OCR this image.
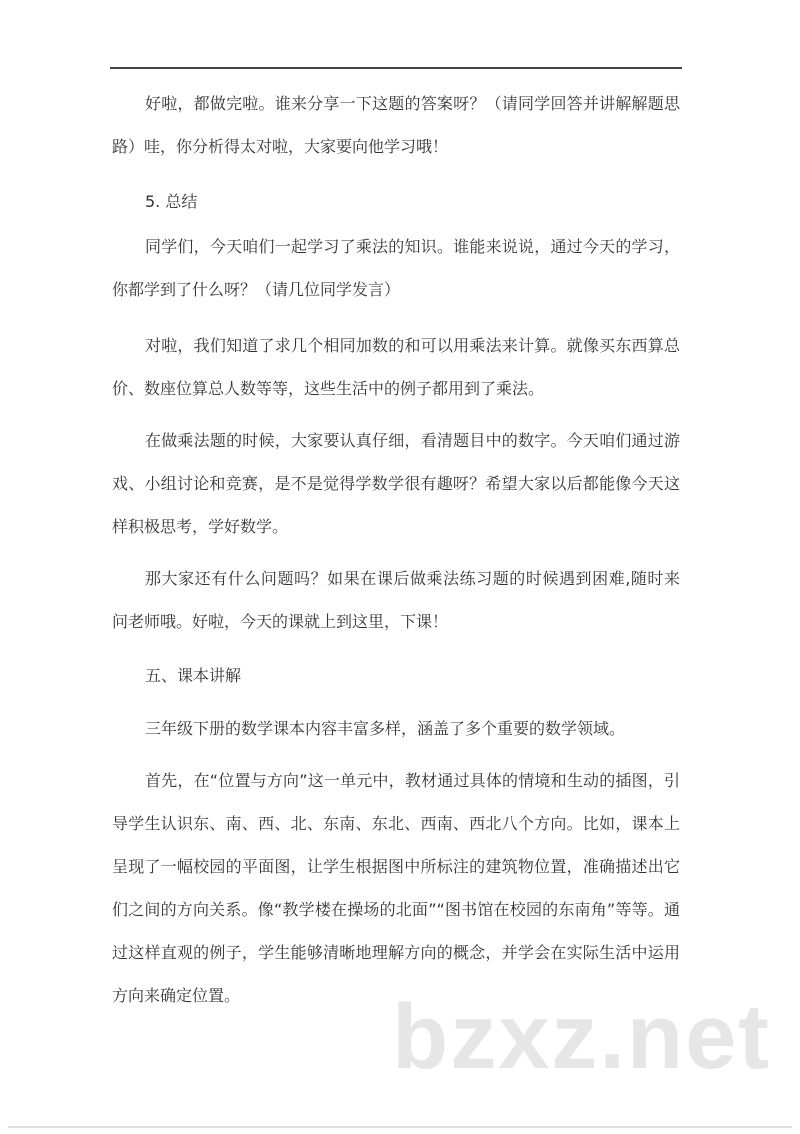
好啦，都做完啦。谁来分享一下这题的答案呀？（请同学回答并讲解解题思
路）哇，你分析得太对啦，大家要向他学习哦！
5. 总结
同学们，今天咱们一起学习了乘法的知识。谁能来说说，通过今天的学习，
你都学到了什么呀？（请几位同学发言）
对啦，我们知道了求几个相同加数的和可以用乘法来计算。就像买东西算总
价、数座位算总人数等等，这些生活中的例子都用到了乘法。
在做乘法题的时候，大家要认真仔细，看清题目中的数字。今天咱们通过游
戏、小组讨论和竞赛，是不是觉得学数学很有趣呀？希望大家以后都能像今天这
样积极思考，学好数学。
那大家还有什么问题吗？如果在课后做乘法练习题的时候遇到困难,随时来
问老师哦。好啦，今天的课就上到这里，下课！
五、课本讲解
三年级下册的数学课本内容丰富多样，涵盖了多个重要的数学领域。
首先，在“位置与方向”这一单元中，教材通过具体的情境和生动的插图，引
导学生认识东、南、西、北、东南、东北、西南、西北八个方向。比如，课本上
呈现了一幅校园的平面图，让学生根据图中所标注的建筑物位置，准确描述出它
们之间的方向关系。像“教学楼在操场的北面”“图书馆在校园的东南角”等等。通
过这样直观的例子，学生能够清晰地理解方向的概念，并学会在实际生活中运用
方向来确定位置。	bzxz.net
